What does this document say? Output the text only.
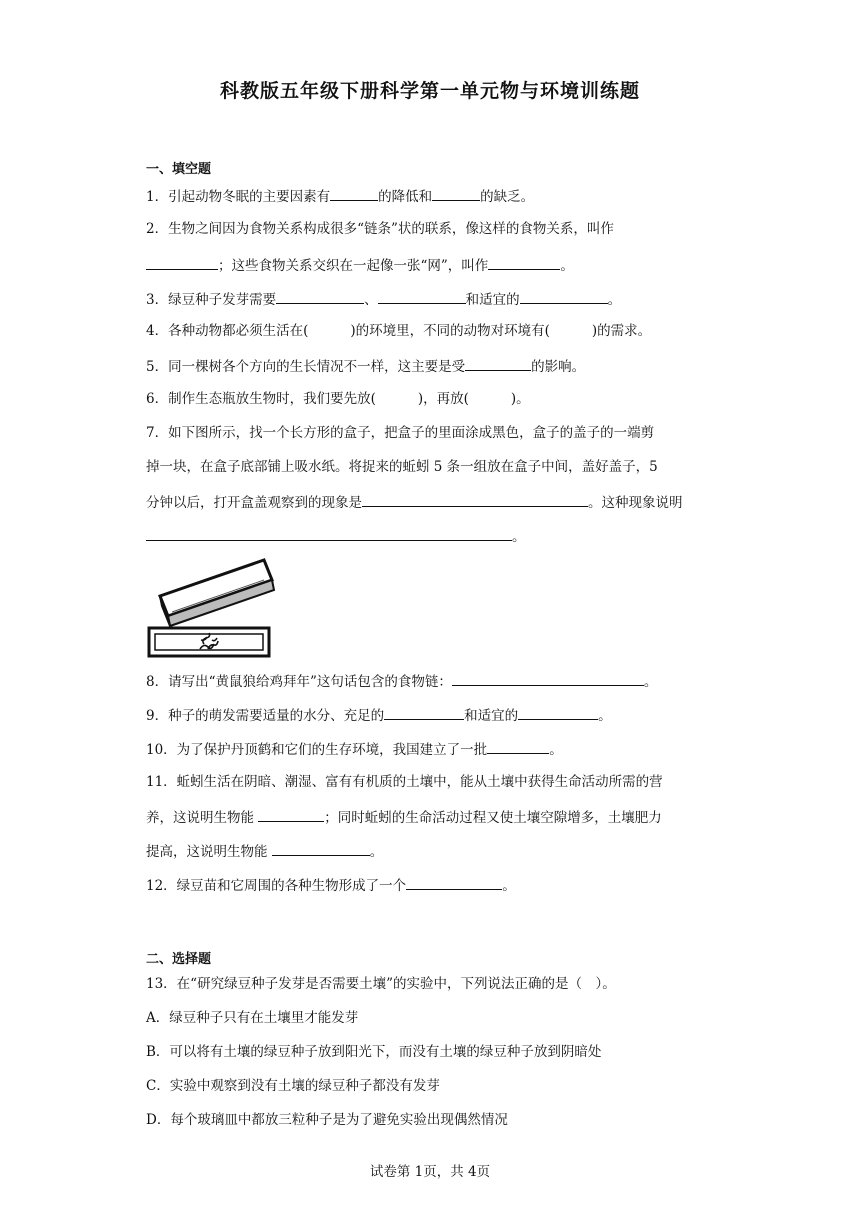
科教版五年级下册科学第一单元物与环境训练题
一、填空题
1．引起动物冬眠的主要因素有	的降低和	的缺乏。
2．生物之间因为食物关系构成很多“链条”状的联系，像这样的食物关系，叫作
；这些食物关系交织在一起像一张“网”，叫作	。
3．绿豆种子发芽需要	、	和适宜的	。
4．各种动物都必须生活在(	)的环境里，不同的动物对环境有(	)的需求。
5．同一棵树各个方向的生长情况不一样，这主要是受	的影响。
6．制作生态瓶放生物时，我们要先放(	)，再放(	)。
7．如下图所示，找一个长方形的盒子，把盒子的里面涂成黑色，盒子的盖子的一端剪
掉一块，在盒子底部铺上吸水纸。将捉来的蚯蚓 5 条一组放在盒子中间，盖好盖子，5
分钟以后，打开盒盖观察到的现象是	。这种现象说明
。
8．请写出“黄鼠狼给鸡拜年”这句话包含的食物链：	。
9．种子的萌发需要适量的水分、充足的	和适宜的	。
10．为了保护丹顶鹤和它们的生存环境，我国建立了一批	。
11．蚯蚓生活在阴暗、潮湿、富有有机质的土壤中，能从土壤中获得生命活动所需的营
养，这说明生物能	；同时蚯蚓的生命活动过程又使土壤空隙增多，土壤肥力
提高，这说明生物能	。
12．绿豆苗和它周围的各种生物形成了一个	。
二、选择题
13．在“研究绿豆种子发芽是否需要土壤”的实验中，下列说法正确的是（　）。
A．绿豆种子只有在土壤里才能发芽
B．可以将有土壤的绿豆种子放到阳光下，而没有土壤的绿豆种子放到阴暗处
C．实验中观察到没有土壤的绿豆种子都没有发芽
D．每个玻璃皿中都放三粒种子是为了避免实验出现偶然情况
试卷第 1页，共 4页
